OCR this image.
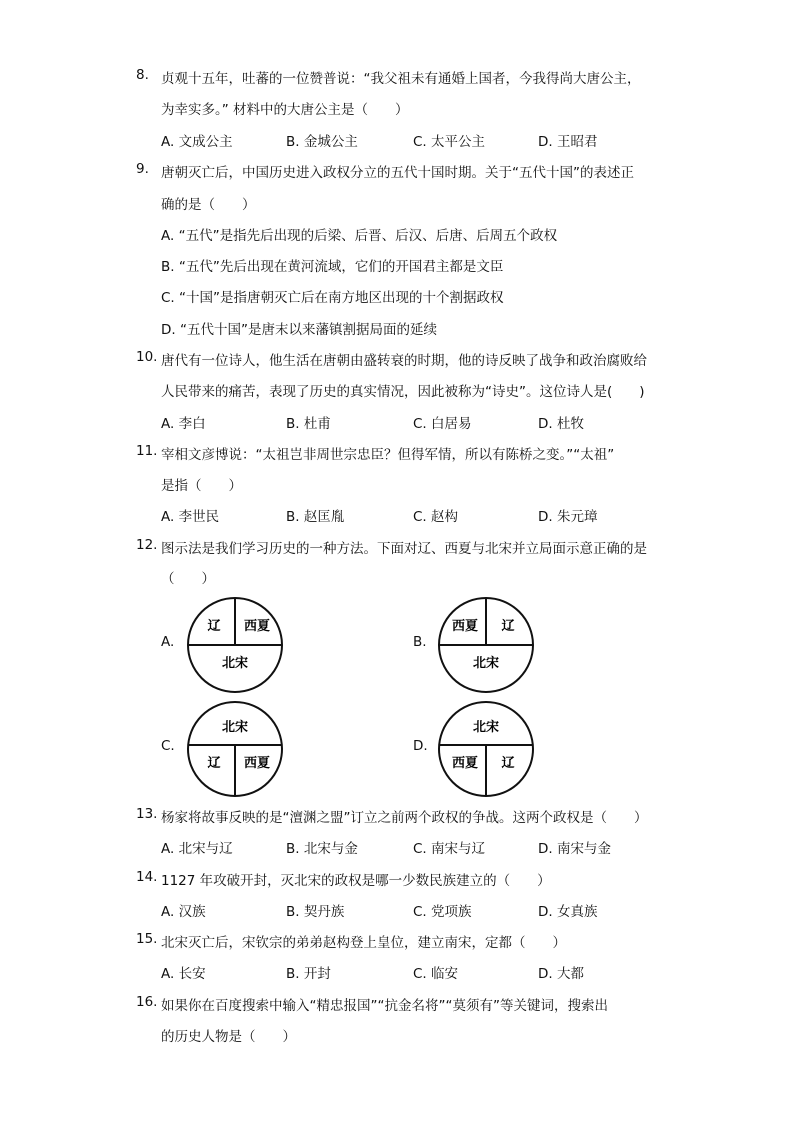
8. 贞观十五年，吐蕃的一位赞普说：“我父祖未有通婚上国者，今我得尚大唐公主，
为幸实多。” 材料中的大唐公主是（　　）
A. 文成公主	B. 金城公主	C. 太平公主	D. 王昭君
9. 唐朝灭亡后，中国历史进入政权分立的五代十国时期。关于“五代十国”的表述正
确的是（　　）
A. “五代”是指先后出现的后梁、后晋、后汉、后唐、后周五个政权
B. “五代”先后出现在黄河流域，它们的开国君主都是文臣
C. “十国”是指唐朝灭亡后在南方地区出现的十个割据政权
D. “五代十国”是唐末以来藩镇割据局面的延续
10. 唐代有一位诗人，他生活在唐朝由盛转衰的时期，他的诗反映了战争和政治腐败给
人民带来的痛苦，表现了历史的真实情况，因此被称为“诗史”。这位诗人是(　　)
A. 李白	B. 杜甫	C. 白居易	D. 杜牧
11. 宰相文彦博说：“太祖岂非周世宗忠臣？但得军情，所以有陈桥之变。”“太祖”
是指（　　）
A. 李世民	B. 赵匡胤	C. 赵构	D. 朱元璋
12. 图示法是我们学习历史的一种方法。下面对辽、西夏与北宋并立局面示意正确的是
（　　）
A.
辽 西夏
北宋
B.
西夏 辽
北宋
C.
北宋
辽 西夏
D.
北宋
西夏 辽
13. 杨家将故事反映的是“澶渊之盟”订立之前两个政权的争战。这两个政权是（　　）
A. 北宋与辽	B. 北宋与金	C. 南宋与辽	D. 南宋与金
14. 1127 年攻破开封，灭北宋的政权是哪一少数民族建立的（　　）
A. 汉族	B. 契丹族	C. 党项族	D. 女真族
15. 北宋灭亡后，宋钦宗的弟弟赵构登上皇位，建立南宋，定都（　　）
A. 长安	B. 开封	C. 临安	D. 大都
16. 如果你在百度搜索中输入“精忠报国”“抗金名将”“莫须有”等关键词，搜索出
的历史人物是（　　）
